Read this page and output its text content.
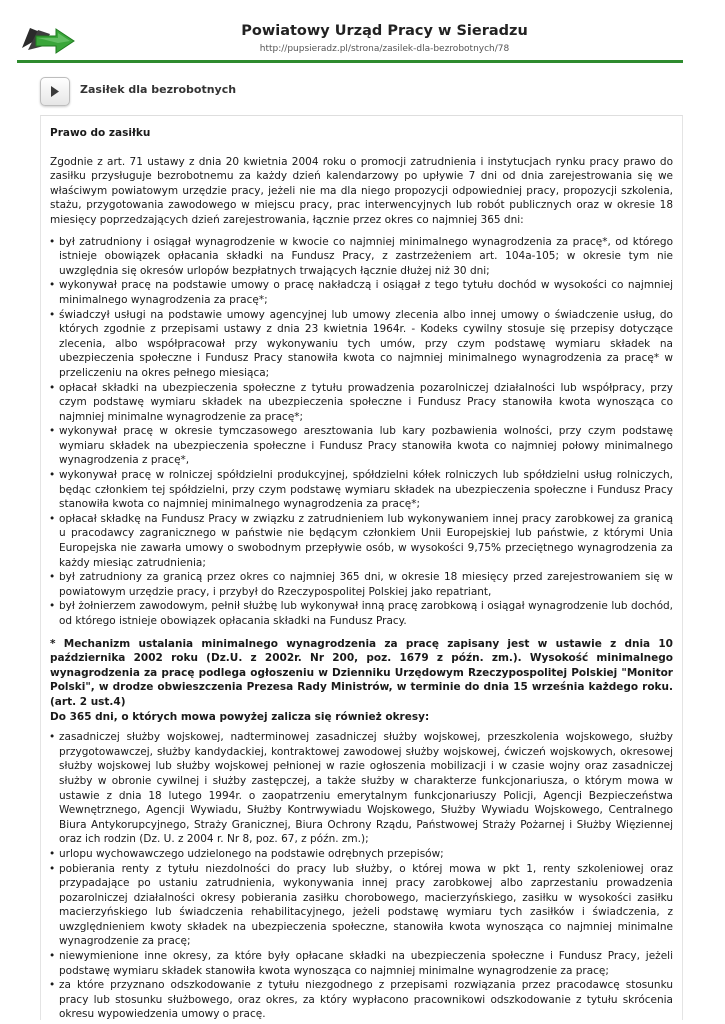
Powiatowy Urząd Pracy w Sieradzu
http://pupsieradz.pl/strona/zasilek-dla-bezrobotnych/78
Zasiłek dla bezrobotnych

Prawo do zasiłku

Zgodnie z art. 71 ustawy z dnia 20 kwietnia 2004 roku o promocji zatrudnienia i instytucjach rynku pracy prawo do zasiłku przysługuje bezrobotnemu za każdy dzień kalendarzowy po upływie 7 dni od dnia zarejestrowania się we właściwym powiatowym urzędzie pracy, jeżeli nie ma dla niego propozycji odpowiedniej pracy, propozycji szkolenia, stażu, przygotowania zawodowego w miejscu pracy, prac interwencyjnych lub robót publicznych oraz w okresie 18 miesięcy poprzedzających dzień zarejestrowania, łącznie przez okres co najmniej 365 dni:

• był zatrudniony i osiągał wynagrodzenie w kwocie co najmniej minimalnego wynagrodzenia za pracę*, od którego istnieje obowiązek opłacania składki na Fundusz Pracy, z zastrzeżeniem art. 104a-105; w okresie tym nie uwzględnia się okresów urlopów bezpłatnych trwających łącznie dłużej niż 30 dni;
• wykonywał pracę na podstawie umowy o pracę nakładczą i osiągał z tego tytułu dochód w wysokości co najmniej minimalnego wynagrodzenia za pracę*;
• świadczył usługi na podstawie umowy agencyjnej lub umowy zlecenia albo innej umowy o świadczenie usług, do których zgodnie z przepisami ustawy z dnia 23 kwietnia 1964r. - Kodeks cywilny stosuje się przepisy dotyczące zlecenia, albo współpracował przy wykonywaniu tych umów, przy czym podstawę wymiaru składek na ubezpieczenia społeczne i Fundusz Pracy stanowiła kwota co najmniej minimalnego wynagrodzenia za pracę* w przeliczeniu na okres pełnego miesiąca;
• opłacał składki na ubezpieczenia społeczne z tytułu prowadzenia pozarolniczej działalności lub współpracy, przy czym podstawę wymiaru składek na ubezpieczenia społeczne i Fundusz Pracy stanowiła kwota wynosząca co najmniej minimalne wynagrodzenie za pracę*;
• wykonywał pracę w okresie tymczasowego aresztowania lub kary pozbawienia wolności, przy czym podstawę wymiaru składek na ubezpieczenia społeczne i Fundusz Pracy stanowiła kwota co najmniej połowy minimalnego wynagrodzenia z pracę*,
• wykonywał pracę w rolniczej spółdzielni produkcyjnej, spółdzielni kółek rolniczych lub spółdzielni usług rolniczych, będąc członkiem tej spółdzielni, przy czym podstawę wymiaru składek na ubezpieczenia społeczne i Fundusz Pracy stanowiła kwota co najmniej minimalnego wynagrodzenia za pracę*;
• opłacał składkę na Fundusz Pracy w związku z zatrudnieniem lub wykonywaniem innej pracy zarobkowej za granicą u pracodawcy zagranicznego w państwie nie będącym członkiem Unii Europejskiej lub państwie, z którymi Unia Europejska nie zawarła umowy o swobodnym przepływie osób, w wysokości 9,75% przeciętnego wynagrodzenia za każdy miesiąc zatrudnienia;
• był zatrudniony za granicą przez okres co najmniej 365 dni, w okresie 18 miesięcy przed zarejestrowaniem się w powiatowym urzędzie pracy, i przybył do Rzeczypospolitej Polskiej jako repatriant,
• był żołnierzem zawodowym, pełnił służbę lub wykonywał inną pracę zarobkową i osiągał wynagrodzenie lub dochód, od którego istnieje obowiązek opłacania składki na Fundusz Pracy.

* Mechanizm ustalania minimalnego wynagrodzenia za pracę zapisany jest w ustawie z dnia 10 października 2002 roku (Dz.U. z 2002r. Nr 200, poz. 1679 z późn. zm.). Wysokość minimalnego wynagrodzenia za pracę podlega ogłoszeniu w Dzienniku Urzędowym Rzeczypospolitej Polskiej "Monitor Polski", w drodze obwieszczenia Prezesa Rady Ministrów, w terminie do dnia 15 września każdego roku. (art. 2 ust.4)
Do 365 dni, o których mowa powyżej zalicza się również okresy:

• zasadniczej służby wojskowej, nadterminowej zasadniczej służby wojskowej, przeszkolenia wojskowego, służby przygotowawczej, służby kandydackiej, kontraktowej zawodowej służby wojskowej, ćwiczeń wojskowych, okresowej służby wojskowej lub służby wojskowej pełnionej w razie ogłoszenia mobilizacji i w czasie wojny oraz zasadniczej służby w obronie cywilnej i służby zastępczej, a także służby w charakterze funkcjonariusza, o którym mowa w ustawie z dnia 18 lutego 1994r. o zaopatrzeniu emerytalnym funkcjonariuszy Policji, Agencji Bezpieczeństwa Wewnętrznego, Agencji Wywiadu, Służby Kontrwywiadu Wojskowego, Służby Wywiadu Wojskowego, Centralnego Biura Antykorupcyjnego, Straży Granicznej, Biura Ochrony Rządu, Państwowej Straży Pożarnej i Służby Więziennej oraz ich rodzin (Dz. U. z 2004 r. Nr 8, poz. 67, z późn. zm.);
• urlopu wychowawczego udzielonego na podstawie odrębnych przepisów;
• pobierania renty z tytułu niezdolności do pracy lub służby, o której mowa w pkt 1, renty szkoleniowej oraz przypadające po ustaniu zatrudnienia, wykonywania innej pracy zarobkowej albo zaprzestaniu prowadzenia pozarolniczej działalności okresy pobierania zasiłku chorobowego, macierzyńskiego, zasiłku w wysokości zasiłku macierzyńskiego lub świadczenia rehabilitacyjnego, jeżeli podstawę wymiaru tych zasiłków i świadczenia, z uwzględnieniem kwoty składek na ubezpieczenia społeczne, stanowiła kwota wynosząca co najmniej minimalne wynagrodzenie za pracę;
• niewymienione inne okresy, za które były opłacane składki na ubezpieczenia społeczne i Fundusz Pracy, jeżeli podstawę wymiaru składek stanowiła kwota wynosząca co najmniej minimalne wynagrodzenie za pracę;
• za które przyznano odszkodowanie z tytułu niezgodnego z przepisami rozwiązania przez pracodawcę stosunku pracy lub stosunku służbowego, oraz okres, za który wypłacono pracownikowi odszkodowanie z tytułu skrócenia okresu wypowiedzenia umowy o pracę.
